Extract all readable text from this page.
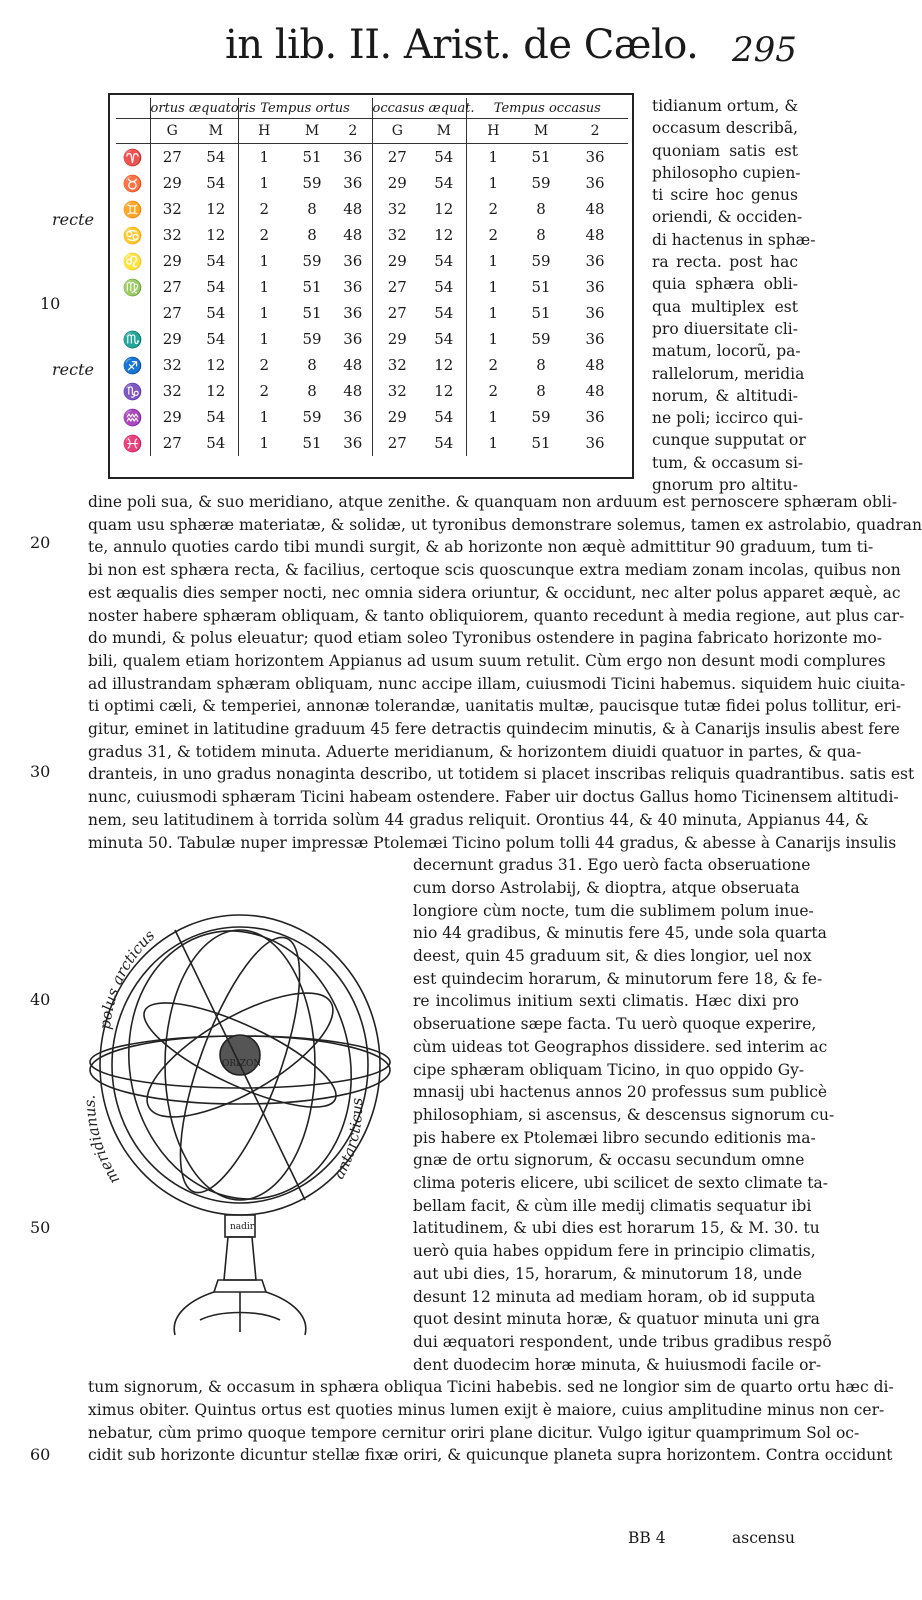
in lib. II. Arist. de Cælo. 295
	ortus æquatoris		Tempus ortus			occasus æquat.		Tempus occasus		
	G	M	H	M	2	G	M	H	M	2
♈	27	54	1	51	36	27	54	1	51	36
♉	29	54	1	59	36	29	54	1	59	36
♊	32	12	2	8	48	32	12	2	8	48
♋	32	12	2	8	48	32	12	2	8	48
♌	29	54	1	59	36	29	54	1	59	36
♍	27	54	1	51	36	27	54	1	51	36
	27	54	1	51	36	27	54	1	51	36
♏	29	54	1	59	36	29	54	1	59	36
♐	32	12	2	8	48	32	12	2	8	48
♑	32	12	2	8	48	32	12	2	8	48
♒	29	54	1	59	36	29	54	1	59	36
♓	27	54	1	51	36	27	54	1	51	36
recte
recte
10
20
30
40
50
60
tidianum ortum, &
occasum describã,
quoniam satis est
philosopho cupien-
ti scire hoc genus
oriendi, & occiden-
di hactenus in sphæ-
ra recta. post hac
quia sphæra obli-
qua multiplex est
pro diuersitate cli-
matum, locorũ, pa-
rallelorum, meridia
norum, & altitudi-
ne poli; iccirco qui-
cunque supputat or
tum, & occasum si-
gnorum pro altitu-
dine poli sua, & suo meridiano, atque zenithe. & quanquam non arduum est pernoscere sphæram obli-
quam usu sphæræ materiatæ, & solidæ, ut tyronibus demonstrare solemus, tamen ex astrolabio, quadran
te, annulo quoties cardo tibi mundi surgit, & ab horizonte non æquè admittitur 90 graduum, tum ti-
bi non est sphæra recta, & facilius, certoque scis quoscunque extra mediam zonam incolas, quibus non
est æqualis dies semper nocti, nec omnia sidera oriuntur, & occidunt, nec alter polus apparet æquè, ac
noster habere sphæram obliquam, & tanto obliquiorem, quanto recedunt à media regione, aut plus car-
do mundi, & polus eleuatur; quod etiam soleo Tyronibus ostendere in pagina fabricato horizonte mo-
bili, qualem etiam horizontem Appianus ad usum suum retulit. Cùm ergo non desunt modi complures
ad illustrandam sphæram obliquam, nunc accipe illam, cuiusmodi Ticini habemus. siquidem huic ciuita-
ti optimi cæli, & temperiei, annonæ tolerandæ, uanitatis multæ, paucisque tutæ fidei polus tollitur, eri-
gitur, eminet in latitudine graduum 45 fere detractis quindecim minutis, & à Canarijs insulis abest fere
gradus 31, & totidem minuta. Aduerte meridianum, & horizontem diuidi quatuor in partes, & qua-
dranteis, in uno gradus nonaginta describo, ut totidem si placet inscribas reliquis quadrantibus. satis est
nunc, cuiusmodi sphæram Ticini habeam ostendere. Faber uir doctus Gallus homo Ticinensem altitudi-
nem, seu latitudinem à torrida solùm 44 gradus reliquit. Orontius 44, & 40 minuta, Appianus 44, &
minuta 50. Tabulæ nuper impressæ Ptolemæi Ticino polum tolli 44 gradus, & abesse à Canarijs insulis
decernunt gradus 31. Ego uerò facta obseruatione
cum dorso Astrolabij, & dioptra, atque obseruata
longiore cùm nocte, tum die sublimem polum inue-
nio 44 gradibus, & minutis fere 45, unde sola quarta
deest, quin 45 graduum sit, & dies longior, uel nox
est quindecim horarum, & minutorum fere 18, & fe-
re incolimus initium sexti climatis. Hæc dixi pro
obseruatione sæpe facta. Tu uerò quoque experire,
cùm uideas tot Geographos dissidere. sed interim ac
cipe sphæram obliquam Ticino, in quo oppido Gy-
mnasij ubi hactenus annos 20 professus sum publicè
philosophiam, si ascensus, & descensus signorum cu-
pis habere ex Ptolemæi libro secundo editionis ma-
gnæ de ortu signorum, & occasu secundum omne
clima poteris elicere, ubi scilicet de sexto climate ta-
bellam facit, & cùm ille medij climatis sequatur ibi
latitudinem, & ubi dies est horarum 15, & M. 30. tu
uerò quia habes oppidum fere in principio climatis,
aut ubi dies, 15, horarum, & minutorum 18, unde
desunt 12 minuta ad mediam horam, ob id supputa
quot desint minuta horæ, & quatuor minuta uni gra
dui æquatori respondent, unde tribus gradibus respõ
dent duodecim horæ minuta, & huiusmodi facile or-
tum signorum, & occasum in sphæra obliqua Ticini habebis. sed ne longior sim de quarto ortu hæc di-
ximus obiter. Quintus ortus est quoties minus lumen exijt è maiore, cuius amplitudine minus non cer-
nebatur, cùm primo quoque tempore cernitur oriri plane dicitur. Vulgo igitur quamprimum Sol oc-
cidit sub horizonte dicuntur stellæ fixæ oriri, & quicunque planeta supra horizontem. Contra occidunt
BB 4	ascensu
polus arcticus
meridianus.
antarcticus
ORIZON
nadir
